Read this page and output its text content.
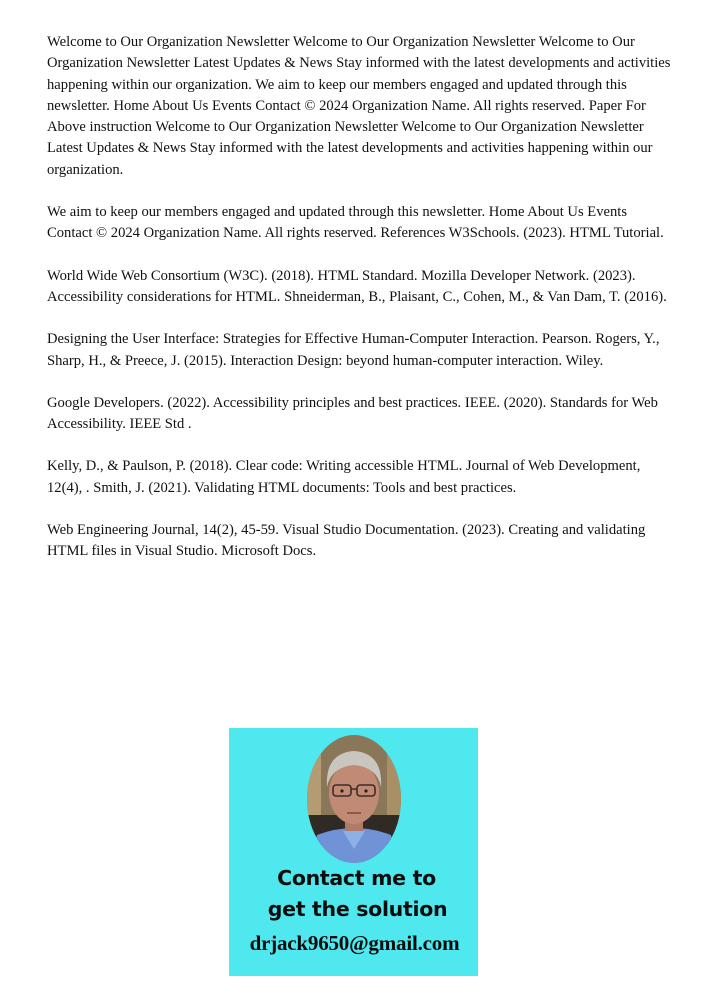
Welcome to Our Organization Newsletter Welcome to Our Organization Newsletter Welcome to Our Organization Newsletter Latest Updates & News Stay informed with the latest developments and activities happening within our organization. We aim to keep our members engaged and updated through this newsletter. Home About Us Events Contact © 2024 Organization Name. All rights reserved. Paper For Above instruction Welcome to Our Organization Newsletter Welcome to Our Organization Newsletter Latest Updates & News Stay informed with the latest developments and activities happening within our organization.

We aim to keep our members engaged and updated through this newsletter. Home About Us Events Contact © 2024 Organization Name. All rights reserved. References W3Schools. (2023). HTML Tutorial.

World Wide Web Consortium (W3C). (2018). HTML Standard. Mozilla Developer Network. (2023). Accessibility considerations for HTML. Shneiderman, B., Plaisant, C., Cohen, M., & Van Dam, T. (2016).

Designing the User Interface: Strategies for Effective Human-Computer Interaction. Pearson. Rogers, Y., Sharp, H., & Preece, J. (2015). Interaction Design: beyond human-computer interaction. Wiley.

Google Developers. (2022). Accessibility principles and best practices. IEEE. (2020). Standards for Web Accessibility. IEEE Std .

Kelly, D., & Paulson, P. (2018). Clear code: Writing accessible HTML. Journal of Web Development, 12(4), . Smith, J. (2021). Validating HTML documents: Tools and best practices.

Web Engineering Journal, 14(2), 45-59. Visual Studio Documentation. (2023). Creating and validating HTML files in Visual Studio. Microsoft Docs.

Contact me to
get the solution
drjack9650@gmail.com
